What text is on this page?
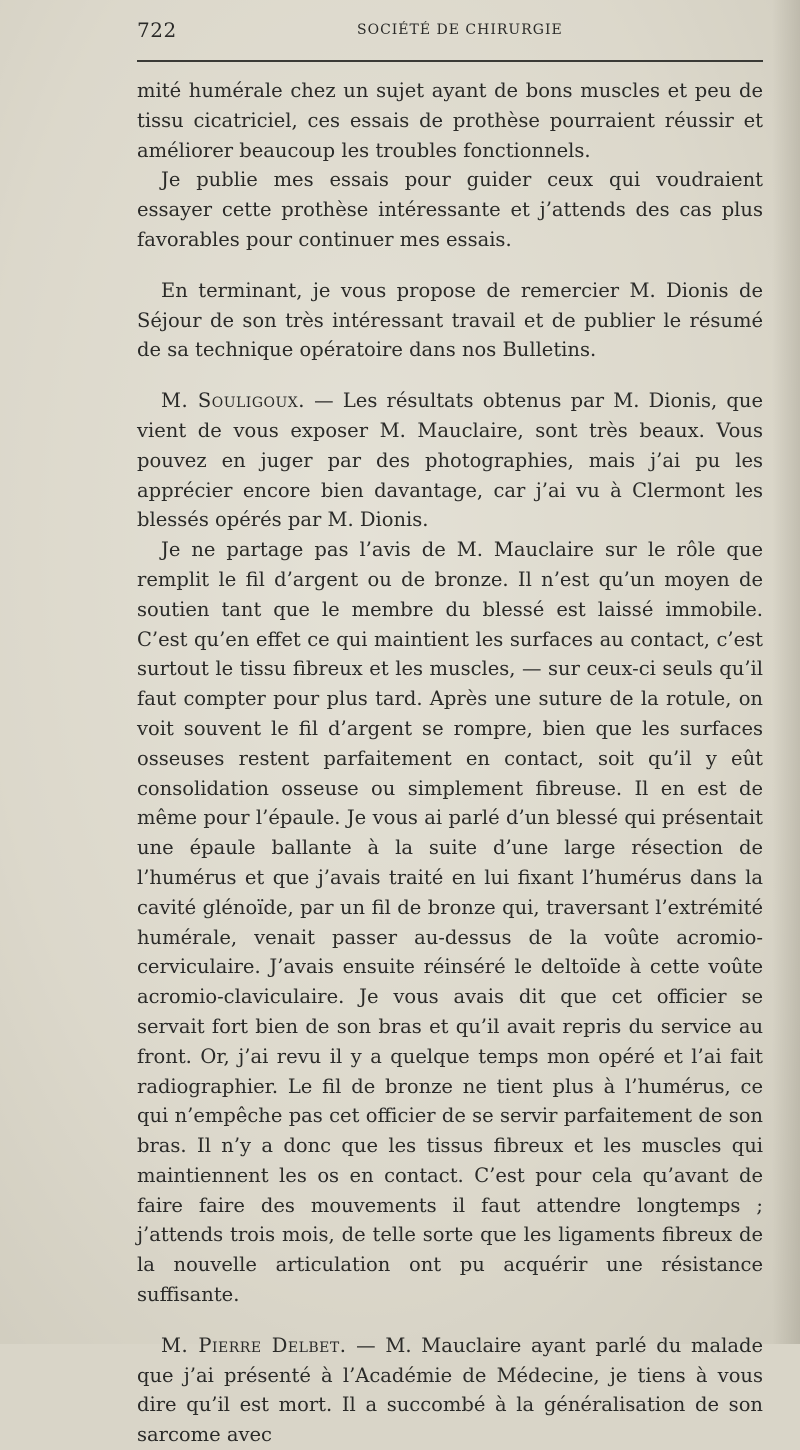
722	SOCIÉTÉ DE CHIRURGIE

mité humérale chez un sujet ayant de bons muscles et peu de tissu cicatriciel, ces essais de prothèse pourraient réussir et améliorer beaucoup les troubles fonctionnels.

Je publie mes essais pour guider ceux qui voudraient essayer cette prothèse intéressante et j’attends des cas plus favorables pour continuer mes essais.

En terminant, je vous propose de remercier M. Dionis de Séjour de son très intéressant travail et de publier le résumé de sa technique opératoire dans nos Bulletins.

M. Souligoux. — Les résultats obtenus par M. Dionis, que vient de vous exposer M. Mauclaire, sont très beaux. Vous pouvez en juger par des photographies, mais j’ai pu les apprécier encore bien davantage, car j’ai vu à Clermont les blessés opérés par M. Dionis.

Je ne partage pas l’avis de M. Mauclaire sur le rôle que remplit le fil d’argent ou de bronze. Il n’est qu’un moyen de soutien tant que le membre du blessé est laissé immobile. C’est qu’en effet ce qui maintient les surfaces au contact, c’est surtout le tissu fibreux et les muscles, — sur ceux-ci seuls qu’il faut compter pour plus tard. Après une suture de la rotule, on voit souvent le fil d’argent se rompre, bien que les surfaces osseuses restent parfaitement en contact, soit qu’il y eût consolidation osseuse ou simplement fibreuse. Il en est de même pour l’épaule. Je vous ai parlé d’un blessé qui présentait une épaule ballante à la suite d’une large résection de l’humérus et que j’avais traité en lui fixant l’humérus dans la cavité glénoïde, par un fil de bronze qui, traversant l’extrémité humérale, venait passer au-dessus de la voûte acromio-cerviculaire. J’avais ensuite réinséré le deltoïde à cette voûte acromio-claviculaire. Je vous avais dit que cet officier se servait fort bien de son bras et qu’il avait repris du service au front. Or, j’ai revu il y a quelque temps mon opéré et l’ai fait radiographier. Le fil de bronze ne tient plus à l’humérus, ce qui n’empêche pas cet officier de se servir parfaitement de son bras. Il n’y a donc que les tissus fibreux et les muscles qui maintiennent les os en contact. C’est pour cela qu’avant de faire faire des mouvements il faut attendre longtemps ; j’attends trois mois, de telle sorte que les ligaments fibreux de la nouvelle articulation ont pu acquérir une résistance suffisante.

M. Pierre Delbet. — M. Mauclaire ayant parlé du malade que j’ai présenté à l’Académie de Médecine, je tiens à vous dire qu’il est mort. Il a succombé à la généralisation de son sarcome avec
